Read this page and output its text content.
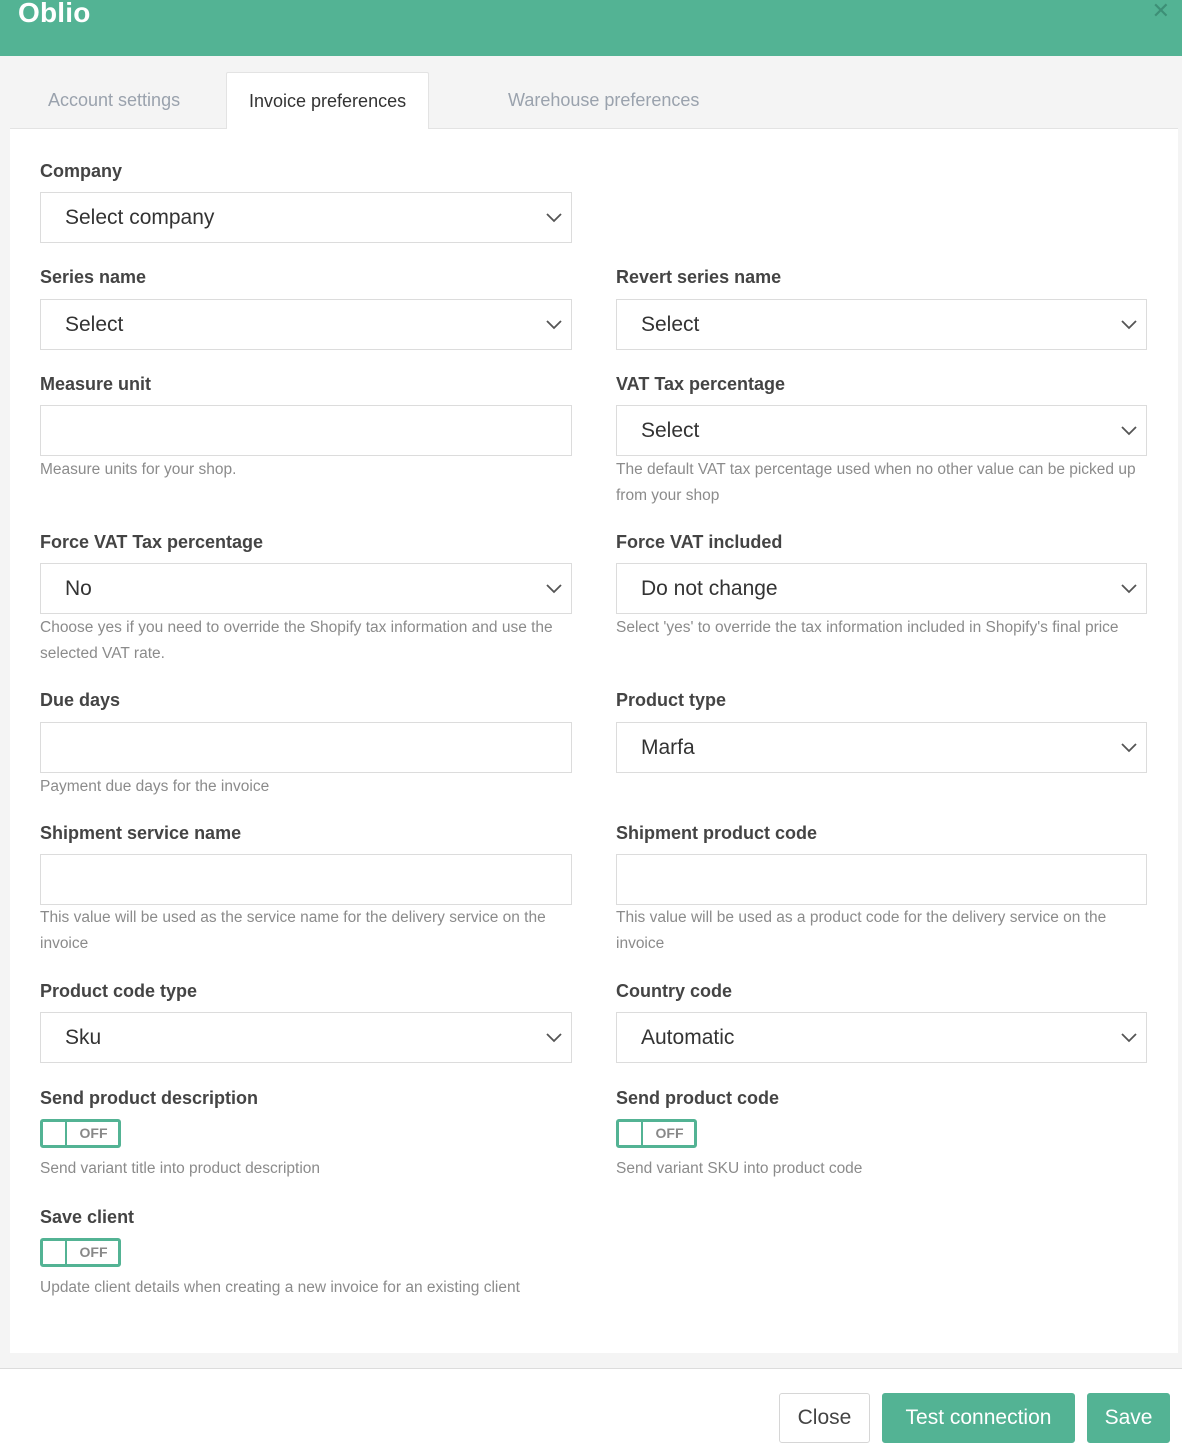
Oblio	✕
Account settings	Invoice preferences	Warehouse preferences
Company
Select company
Series name
Select
Revert series name
Select
Measure unit
Measure units for your shop.
VAT Tax percentage
Select
The default VAT tax percentage used when no other value can be picked up from your shop
Force VAT Tax percentage
No
Choose yes if you need to override the Shopify tax information and use the selected VAT rate.
Force VAT included
Do not change
Select 'yes' to override the tax information included in Shopify's final price
Due days
Payment due days for the invoice
Product type
Marfa
Shipment service name
This value will be used as the service name for the delivery service on the invoice
Shipment product code
This value will be used as a product code for the delivery service on the invoice
Product code type
Sku
Country code
Automatic
Send product description
OFF
Send variant title into product description
Send product code
OFF
Send variant SKU into product code
Save client
OFF
Update client details when creating a new invoice for an existing client
Close	Test connection	Save
